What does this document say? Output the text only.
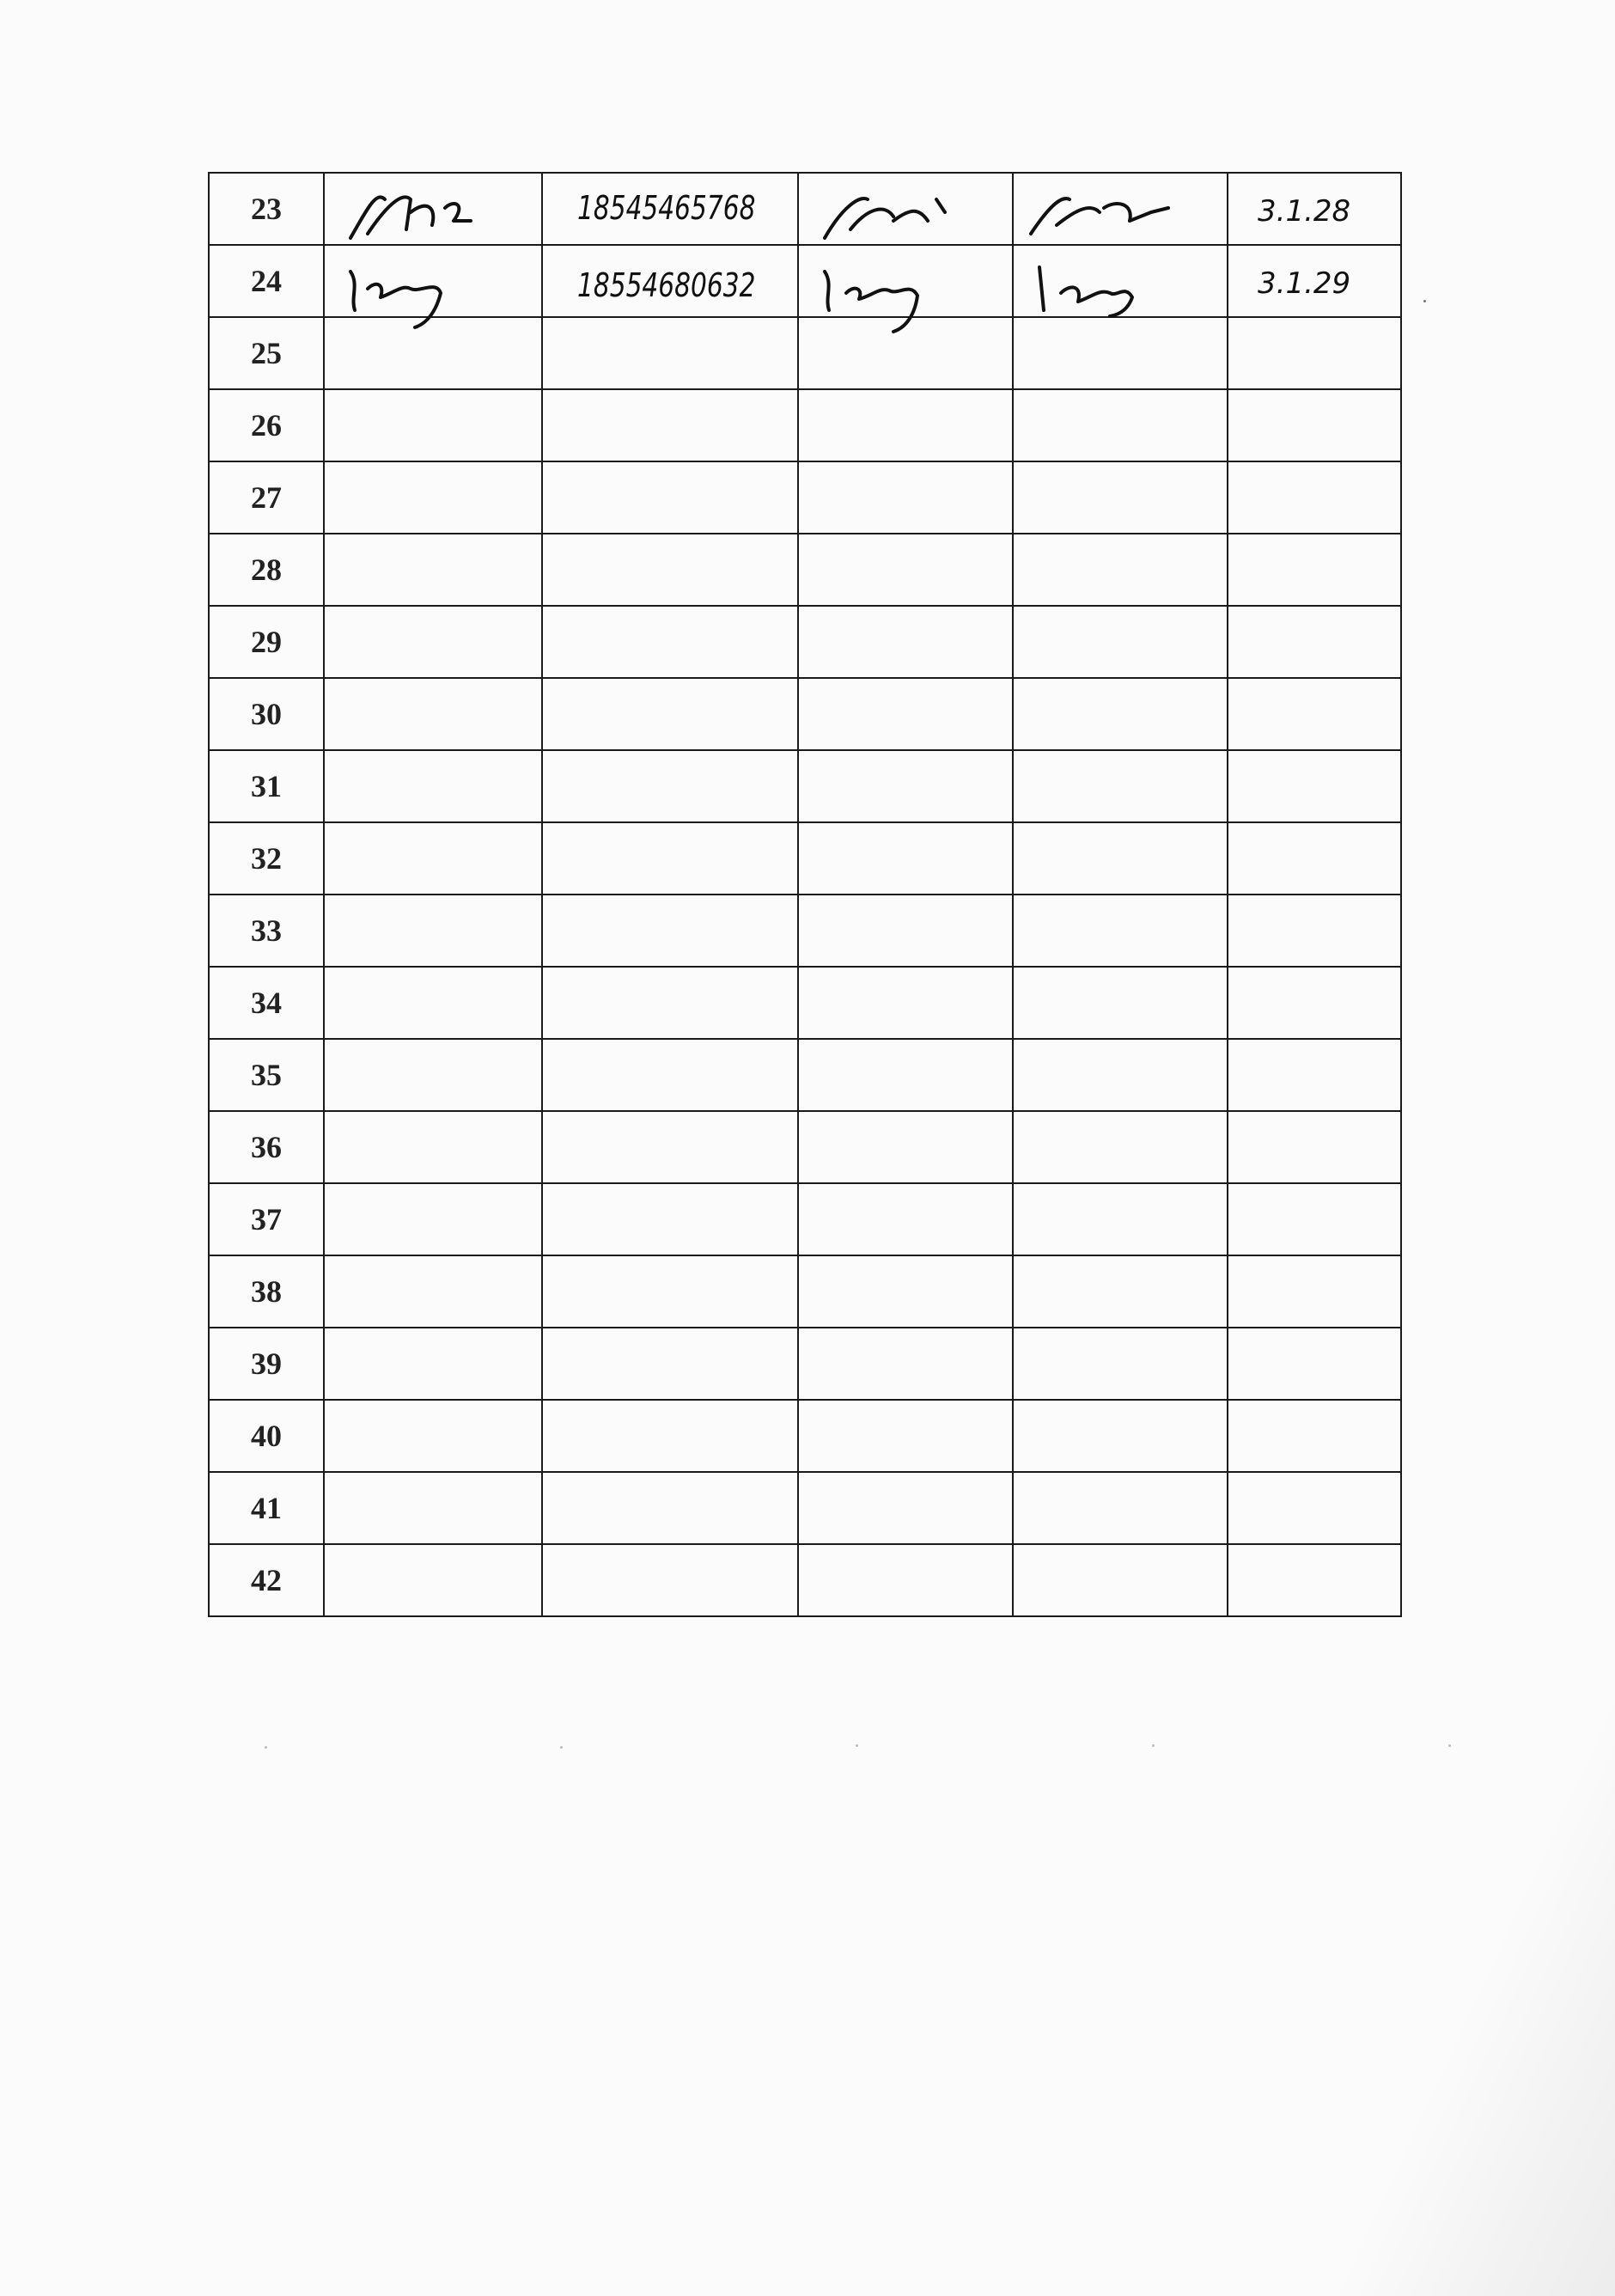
23		18545465768			3.1.28

24		18554680632			3.1.29

25					
26					
27					
28					
29					
30					
31					
32					
33					
34					
35					
36					
37					
38					
39					
40					
41					
42					
